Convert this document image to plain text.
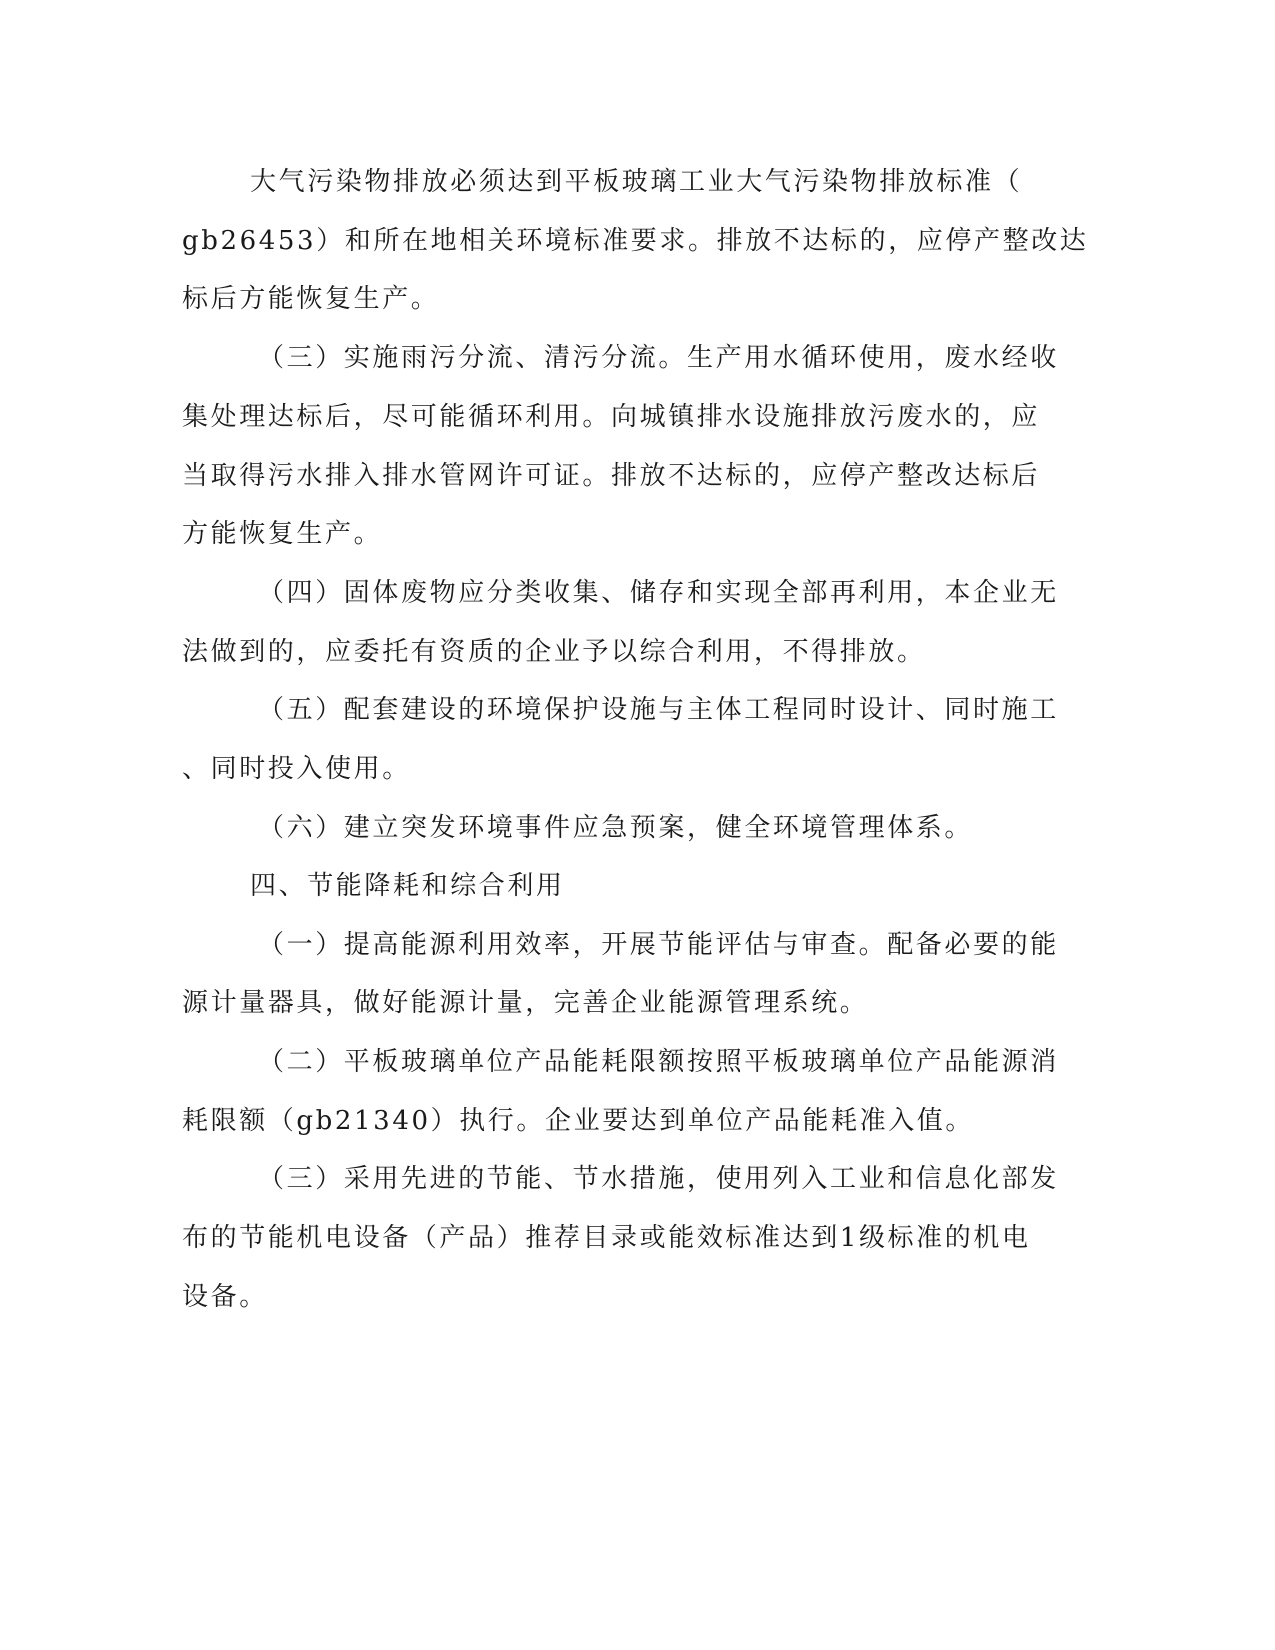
大气污染物排放必须达到平板玻璃工业大气污染物排放标准（
gb26453）和所在地相关环境标准要求。排放不达标的，应停产整改达
标后方能恢复生产。
（三）实施雨污分流、清污分流。生产用水循环使用，废水经收
集处理达标后，尽可能循环利用。向城镇排水设施排放污废水的，应
当取得污水排入排水管网许可证。排放不达标的，应停产整改达标后
方能恢复生产。
（四）固体废物应分类收集、储存和实现全部再利用，本企业无
法做到的，应委托有资质的企业予以综合利用，不得排放。
（五）配套建设的环境保护设施与主体工程同时设计、同时施工
、同时投入使用。
（六）建立突发环境事件应急预案，健全环境管理体系。
四、节能降耗和综合利用
（一）提高能源利用效率，开展节能评估与审查。配备必要的能
源计量器具，做好能源计量，完善企业能源管理系统。
（二）平板玻璃单位产品能耗限额按照平板玻璃单位产品能源消
耗限额（gb21340）执行。企业要达到单位产品能耗准入值。
（三）采用先进的节能、节水措施，使用列入工业和信息化部发
布的节能机电设备（产品）推荐目录或能效标准达到1级标准的机电
设备。
